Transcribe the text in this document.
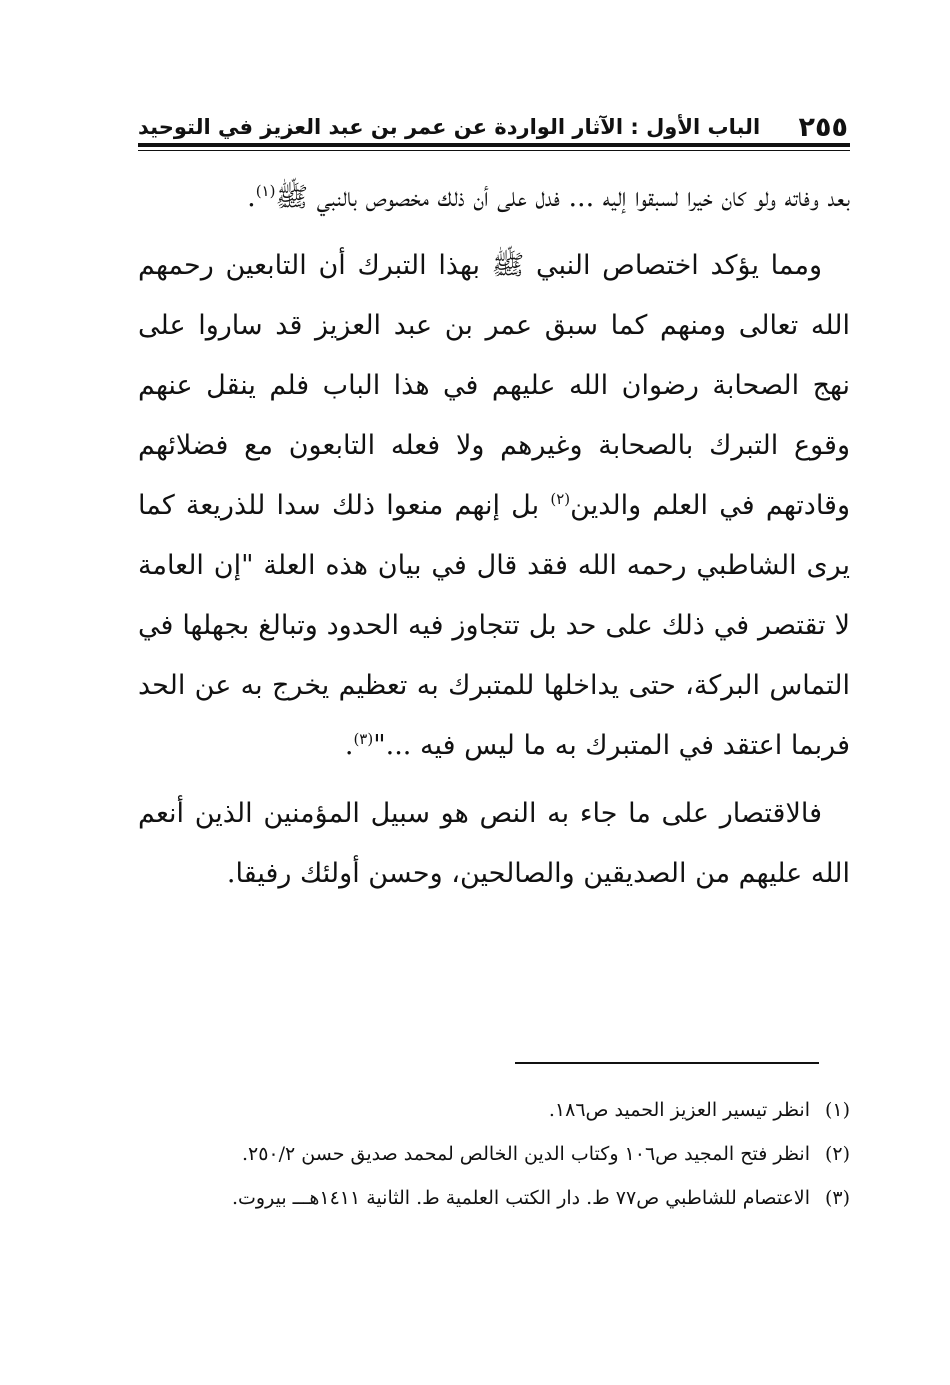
٢٥٥
الباب الأول : الآثار الواردة عن عمر بن عبد العزيز في التوحيد

بعد وفاته ولو كان خيرا لسبقوا إليه ... فدل على أن ذلك مخصوص بالنبي ﷺ$^{(١)}$.

ومما يؤكد اختصاص النبي ﷺ بهذا التبرك أن التابعين رحمهم الله تعالى ومنهم كما سبق عمر بن عبد العزيز قد ساروا على نهج الصحابة رضوان الله عليهم في هذا الباب فلم ينقل عنهم وقوع التبرك بالصحابة وغيرهم ولا فعله التابعون مع فضلائهم وقادتهم في العلم والدين$^{(٢)}$ بل إنهم منعوا ذلك سدا للذريعة كما يرى الشاطبي رحمه الله فقد قال في بيان هذه العلة "إن العامة لا تقتصر في ذلك على حد بل تتجاوز فيه الحدود وتبالغ بجهلها في التماس البركة، حتى يداخلها للمتبرك به تعظيم يخرج به عن الحد فربما اعتقد في المتبرك به ما ليس فيه ..."$^{(٣)}$.

فالاقتصار على ما جاء به النص هو سبيل المؤمنين الذين أنعم الله عليهم من الصديقين والصالحين، وحسن أولئك رفيقا.

(١)
انظر تيسير العزيز الحميد ص١٨٦.
(٢)
انظر فتح المجيد ص١٠٦ وكتاب الدين الخالص لمحمد صديق حسن ٢٥٠/٢.
(٣)
الاعتصام للشاطبي ص٧٧ ط. دار الكتب العلمية ط. الثانية ١٤١١هـــ بيروت.
